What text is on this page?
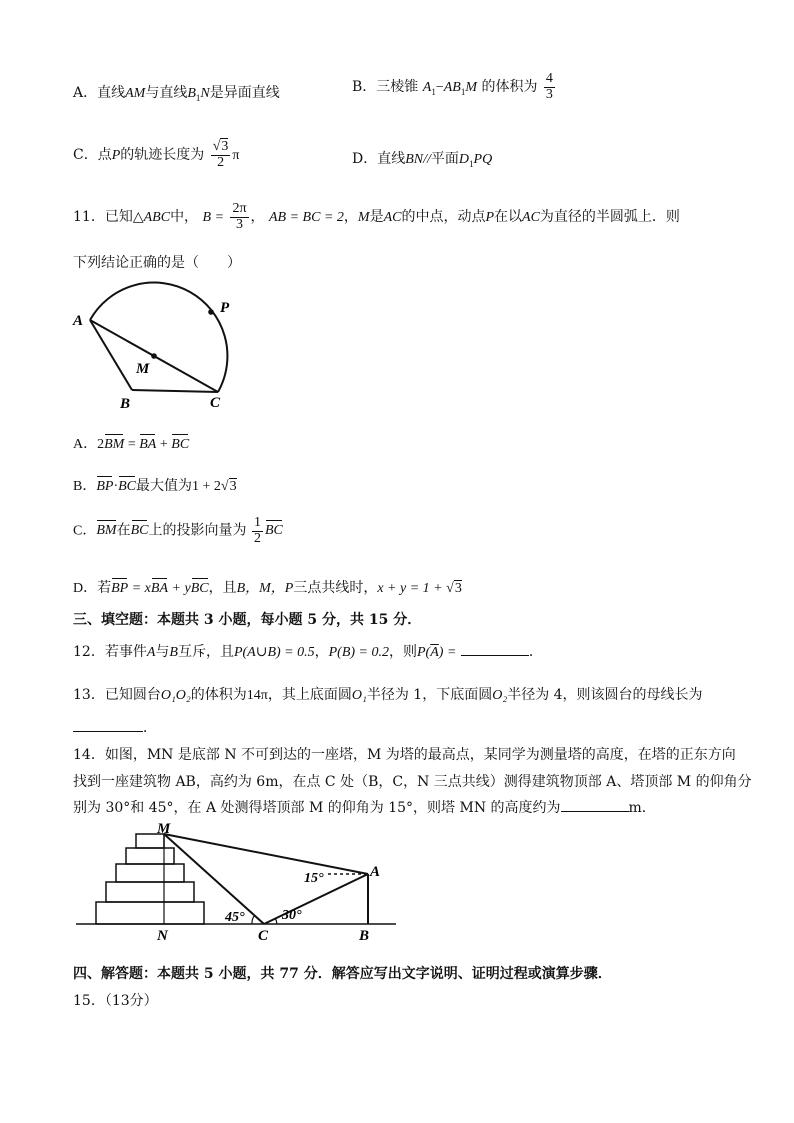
A．直线AM与直线$B_1N$是异面直线	B．三棱锥 $A_1-AB_1M$ 的体积为 $\frac{4}{3}$
C．点P的轨迹长度为 $\frac{√3}{2}$ π	D．直线BN//平面$D_1PQ$
11．已知△ABC中， $B = \frac{2\pi}{3}$ ， AB = BC = 2，M是AC的中点，动点P在以AC为直径的半圆弧上．则
下列结论正确的是（　　）
A
B	C
M
P
A．2BM = BA + BC
B．BP·BC最大值为1 + 2√3
C．BM在BC上的投影向量为 $\frac{1}{2}$ BC
D．若BP = xBA + yBC，且B，M，P三点共线时，x + y = 1 + √3
三、填空题：本题共 3 小题，每小题 5 分，共 15 分．
12．若事件A与B互斥，且P(A∪B) = 0.5，P(B) = 0.2，则$P(\overline{A})$ =	．
13．已知圆台O₁O₂的体积为14π，其上底面圆O₁半径为 1，下底面圆O₂半径为 4，则该圆台的母线长为
．
14．如图，MN 是底部 N 不可到达的一座塔，M 为塔的最高点，某同学为测量塔的高度，在塔的正东方向
找到一座建筑物 AB，高约为 6m，在点 C 处（B，C，N 三点共线）测得建筑物顶部 A、塔顶部 M 的仰角分
别为 30°和 45°，在 A 处测得塔顶部 M 的仰角为 15°，则塔 MN 的高度约为	m．
M
N	C
A
B
15°
45°	30°
四、解答题：本题共 5 小题，共 77 分．解答应写出文字说明、证明过程或演算步骤．
15．（13分）
